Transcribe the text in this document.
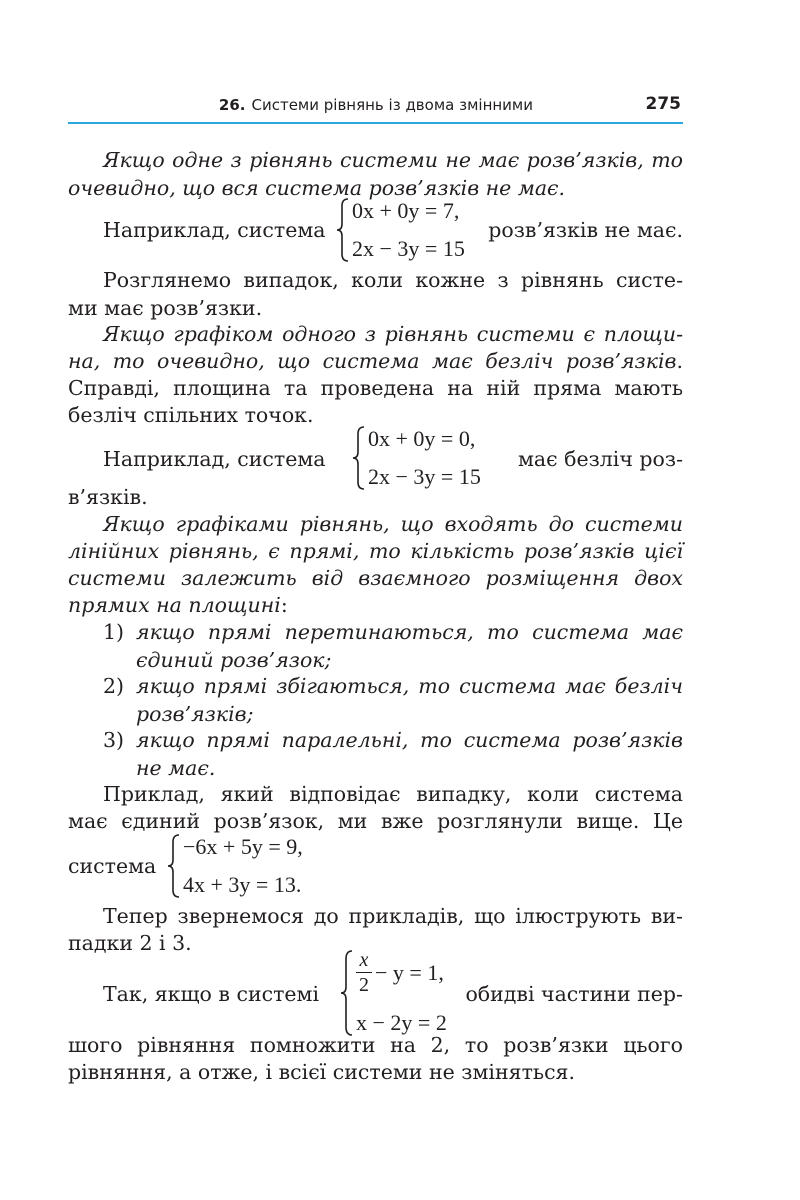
26. Системи рівнянь із двома змінними	275
Якщо одне з рівнянь системи не має розв’язків, то
очевидно, що вся система розв’язків не має.
Наприклад, система	розв’язків не має.
0x + 0y = 7,
2x − 3y = 15
Розглянемо випадок, коли кожне з рівнянь систе-
ми має розв’язки.
Якщо графіком одного з рівнянь системи є площи-
на, то очевидно, що система має безліч розв’язків .
Справді, площина та проведена на ній пряма мають
безліч спільних точок.
Наприклад, система	має безліч роз-
0x + 0y = 0,
2x − 3y = 15
в’язків.
Якщо графіками рівнянь, що входять до системи
лінійних рівнянь, є прямі, то кількість розв’язків цієї
системи залежить від взаємного розміщення двох
прямих на площині:
1) якщо прямі перетинаються, то система має
єдиний розв’язок;
2) якщо прямі збігаються, то система має безліч
розв’язків;
3) якщо прямі паралельні, то система розв’язків
не має.
Приклад, який відповідає випадку, коли система
має єдиний розв’язок, ми вже розглянули вище. Це
система
−6x + 5y = 9,
4x + 3y = 13.
Тепер звернемося до прикладів, що ілюструють ви-
падки 2 і 3.
Так, якщо в системі	обидві частини пер-
$\frac{x}{2} - y = 1$,
x − 2y = 2
шого рівняння помножити на 2, то розв’язки цього
рівняння, а отже, і всієї системи не зміняться.
